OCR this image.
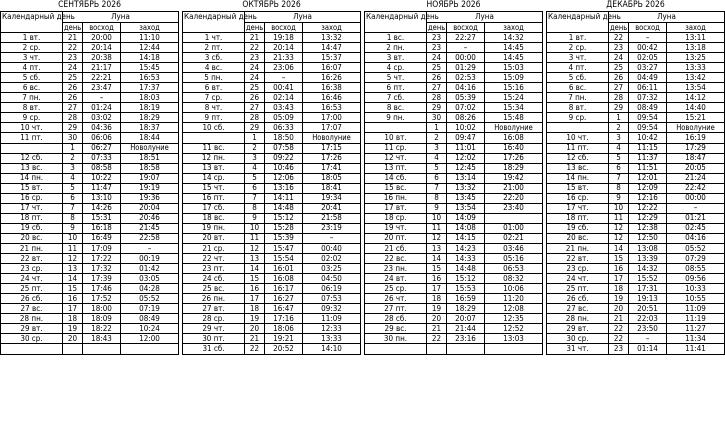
СЕНТЯБРЬ 2026			
Календарный день	Луна		
	день	восход	заход
1 вт.	21	20:00	11:10
2 ср.	22	20:14	12:44
3 чт.	23	20:38	14:18
4 пт.	24	21:17	15:45
5 сб.	25	22:21	16:53
6 вс.	26	23:47	17:37
7 пн.	26	–	18:03
8 вт.	27	01:24	18:19
9 ср.	28	03:02	18:29
10 чт.	29	04:36	18:37
11 пт.	30	06:06	18:44
	1	06:27	Новолуние
12 сб.	2	07:33	18:51
13 вс.	3	08:58	18:58
14 пн.	4	10:22	19:07
15 вт.	5	11:47	19:19
16 ср.	6	13:10	19:36
17 чт.	7	14:26	20:04
18 пт.	8	15:31	20:46
19 сб.	9	16:18	21:45
20 вс.	10	16:49	22:58
21 пн.	11	17:09	–
22 вт.	12	17:22	00:19
23 ср.	13	17:32	01:42
24 чт.	14	17:39	03:05
25 пт.	15	17:46	04:28
26 сб.	16	17:52	05:52
27 вс.	17	18:00	07:19
28 пн.	18	18:09	08:49
29 вт.	19	18:22	10:24
30 ср.	20	18:43	12:00

ОКТЯБРЬ 2026			
Календарный день	Луна		
	день	восход	заход
1 чт.	21	19:18	13:32
2 пт.	22	20:14	14:47
3 сб.	23	21:33	15:37
4 вс.	24	23:06	16:07
5 пн.	24	–	16:26
6 вт.	25	00:41	16:38
7 ср.	26	02:14	16:46
8 чт.	27	03:43	16:53
9 пт.	28	05:09	17:00
10 сб.	29	06:33	17:07
	1	18:50	Новолуние
11 вс.	2	07:58	17:15
12 пн.	3	09:22	17:26
13 вт.	4	10:46	17:41
14 ср.	5	12:06	18:05
15 чт.	6	13:16	18:41
16 пт.	7	14:11	19:34
17 сб.	8	14:48	20:41
18 вс.	9	15:12	21:58
19 пн.	10	15:28	23:19
20 вт.	11	15:39	–
21 ср.	12	15:47	00:40
22 чт.	13	15:54	02:02
23 пт.	14	16:01	03:25
24 сб.	15	16:08	04:50
25 вс.	16	16:17	06:19
26 пн.	17	16:27	07:53
27 вт.	18	16:47	09:32
28 ср.	19	17:16	11:09
29 чт.	20	18:06	12:33
30 пт.	21	19:21	13:33
31 сб.	22	20:52	14:10
НОЯБРЬ 2026			
Календарный день	Луна		
	день	восход	заход
1 вс.	23	22:27	14:32
2 пн.	23	–	14:45
3 вт.	24	00:00	14:45
4 ср.	25	01:29	15:03
5 чт.	26	02:53	15:09
6 пт.	27	04:16	15:16
7 сб.	28	05:39	15:24
8 вс.	29	07:02	15:34
9 пн.	30	08:26	15:48
	1	10:02	Новолуние
10 вт.	2	09:47	16:08
11 ср.	3	11:01	16:40
12 чт.	4	12:02	17:26
13 пт.	5	12:45	18:29
14 сб.	6	13:14	19:42
15 вс.	7	13:32	21:00
16 пн.	8	13:45	22:20
17 вт.	9	13:54	23:40
18 ср.	10	14:09	
19 чт.	11	14:08	01:00
20 пт.	12	14:15	02:21
21 сб.	13	14:23	03:46
22 вс.	14	14:33	05:16
23 пн.	15	14:48	06:53
24 вт.	16	15:12	08:32
25 ср.	17	15:53	10:06
26 чт.	18	16:59	11:20
27 пт.	19	18:29	12:08
28 сб.	20	20:07	12:35
29 вс.	21	21:44	12:52
30 пн.	22	23:16	13:03

ДЕКАБРЬ 2026			
Календарный день	Луна		
	день	восход	заход
1 вт.	22	–	13:11
2 ср.	23	00:42	13:18
3 чт.	24	02:05	13:25
4 пт.	25	03:27	13:33
5 сб.	26	04:49	13:42
6 вс.	27	06:11	13:54
7 пн.	28	07:32	14:12
8 вт.	29	08:49	14:40
9 ср.	1	09:54	15:21
	2	09:54	Новолуние
10 чт.	3	10:42	16:19
11 пт.	4	11:15	17:29
12 сб.	5	11:37	18:47
13 вс.	6	11:51	20:05
14 пн.	7	12:01	21:24
15 вт.	8	12:09	22:42
16 ср.	9	12:16	00:00
17 чт.	10	12:22	–
18 пт.	11	12:29	01:21
19 сб.	12	12:38	02:45
20 вс.	12	12:50	04:16
21 пн.	14	13:08	05:52
22 вт.	15	13:39	07:29
23 ср.	16	14:32	08:55
24 чт.	17	15:52	09:56
25 пт.	18	17:31	10:33
26 сб.	19	19:13	10:55
27 вс.	20	20:51	11:09
28 пн.	21	22:03	11:19
29 вт.	22	23:50	11:27
30 ср.	22	–	11:34
31 чт.	23	01:14	11:41
